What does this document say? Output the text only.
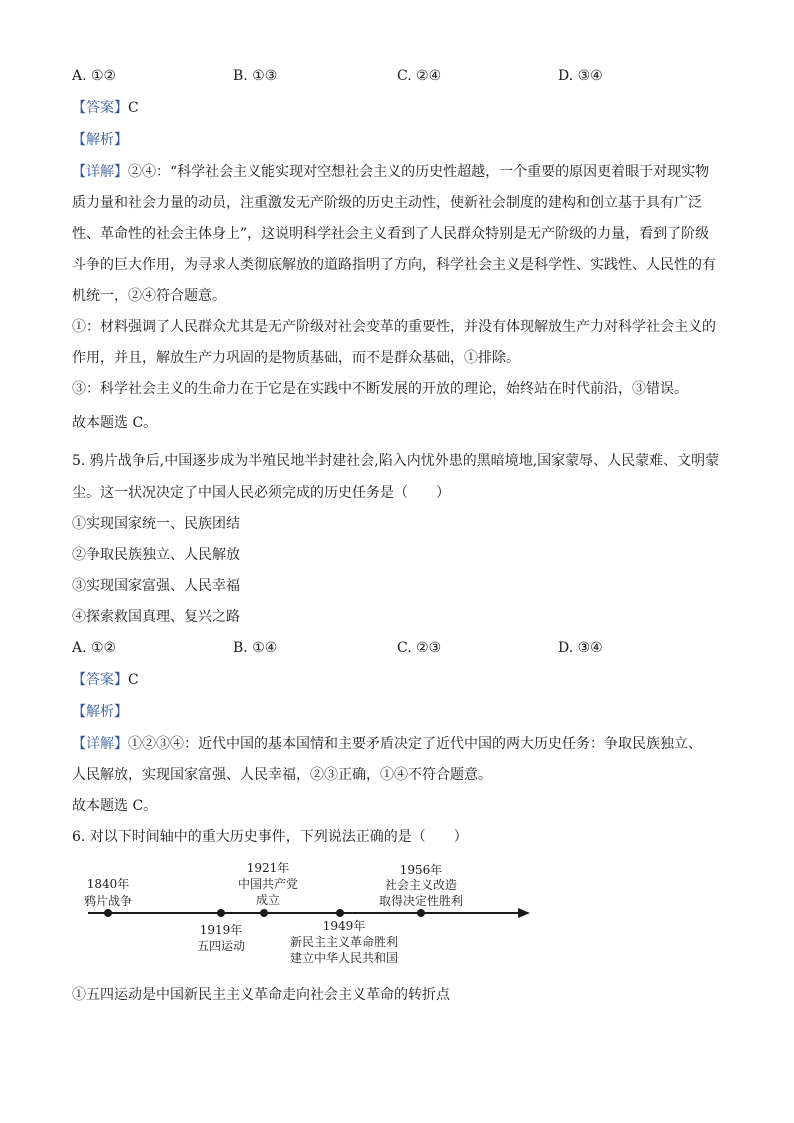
A. ①②	B. ①③	C. ②④	D. ③④
【答案】C
【解析】
【详解】②④：“科学社会主义能实现对空想社会主义的历史性超越，一个重要的原因更着眼于对现实物
质力量和社会力量的动员，注重激发无产阶级的历史主动性，使新社会制度的建构和创立基于具有广泛
性、革命性的社会主体身上”，这说明科学社会主义看到了人民群众特别是无产阶级的力量，看到了阶级
斗争的巨大作用，为寻求人类彻底解放的道路指明了方向，科学社会主义是科学性、实践性、人民性的有
机统一，②④符合题意。
①：材料强调了人民群众尤其是无产阶级对社会变革的重要性，并没有体现解放生产力对科学社会主义的
作用，并且，解放生产力巩固的是物质基础，而不是群众基础，①排除。
③：科学社会主义的生命力在于它是在实践中不断发展的开放的理论，始终站在时代前沿，③错误。
故本题选 C。
5. 鸦片战争后,中国逐步成为半殖民地半封建社会,陷入内忧外患的黑暗境地,国家蒙辱、人民蒙难、文明蒙
尘。这一状况决定了中国人民必须完成的历史任务是（　　）
①实现国家统一、民族团结
②争取民族独立、人民解放
③实现国家富强、人民幸福
④探索救国真理、复兴之路
A. ①②	B. ①④	C. ②③	D. ③④
【答案】C
【解析】
【详解】①②③④：近代中国的基本国情和主要矛盾决定了近代中国的两大历史任务：争取民族独立、
人民解放，实现国家富强、人民幸福，②③正确，①④不符合题意。
故本题选 C。
6. 对以下时间轴中的重大历史事件，下列说法正确的是（　　）
1840年
鸦片战争
1921年
中国共产党
成立
1956年
社会主义改造
取得决定性胜利
1919年
五四运动
1949年
新民主主义革命胜利
建立中华人民共和国
①五四运动是中国新民主主义革命走向社会主义革命的转折点
